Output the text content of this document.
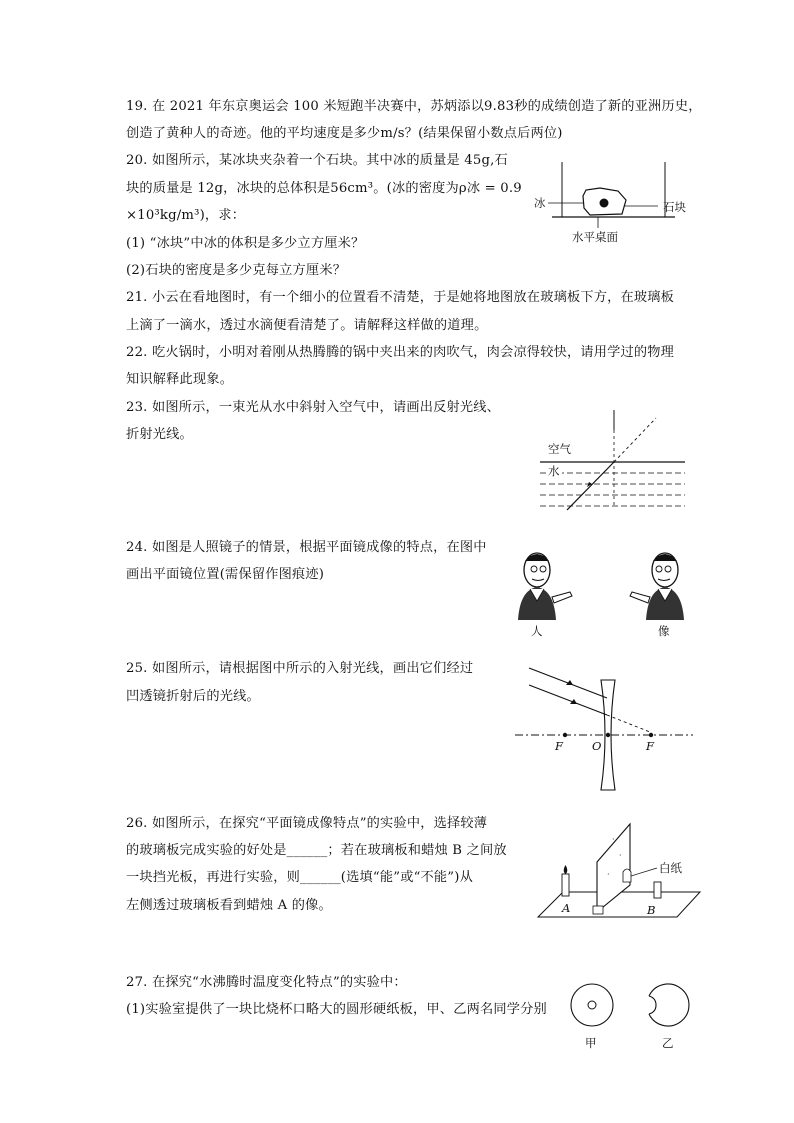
19. 在 2021 年东京奥运会 100 米短跑半决赛中，苏炳添以9.83秒的成绩创造了新的亚洲历史，
创造了黄种人的奇迹。他的平均速度是多少m/s？(结果保留小数点后两位)
20. 如图所示，某冰块夹杂着一个石块。其中冰的质量是 45g,石
块的质量是 12g，冰块的总体积是56cm³。(冰的密度为ρ冰 = 0.9
×10³kg/m³)，求：
(1) “冰块”中冰的体积是多少立方厘米？
(2)石块的密度是多少克每立方厘米？
冰	石块
水平桌面
21. 小云在看地图时，有一个细小的位置看不清楚，于是她将地图放在玻璃板下方，在玻璃板
上滴了一滴水，透过水滴便看清楚了。请解释这样做的道理。
22. 吃火锅时，小明对着刚从热腾腾的锅中夹出来的肉吹气，肉会凉得较快，请用学过的物理
知识解释此现象。
23. 如图所示，一束光从水中斜射入空气中，请画出反射光线、
折射光线。
空气
水
24. 如图是人照镜子的情景，根据平面镜成像的特点，在图中
画出平面镜位置(需保留作图痕迹)
人	像
25. 如图所示，请根据图中所示的入射光线，画出它们经过
凹透镜折射后的光线。
F	O	F
26. 如图所示，在探究“平面镜成像特点”的实验中，选择较薄
的玻璃板完成实验的好处是______；若在玻璃板和蜡烛 B 之间放
一块挡光板，再进行实验，则______(选填“能”或“不能”)从
左侧透过玻璃板看到蜡烛 A 的像。
·
·
·	白纸
A	B
27. 在探究“水沸腾时温度变化特点”的实验中：
(1)实验室提供了一块比烧杯口略大的圆形硬纸板，甲、乙两名同学分别
甲	乙
